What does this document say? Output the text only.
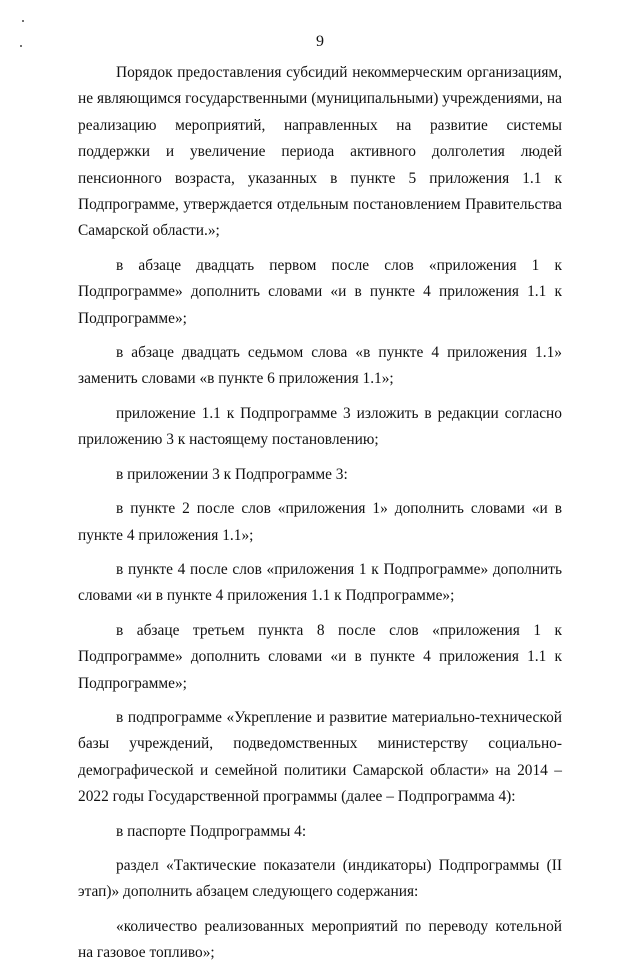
9

Порядок предоставления субсидий некоммерческим организациям, не являющимся государственными (муниципальными) учреждениями, на реализацию мероприятий, направленных на развитие системы поддержки и увеличение периода активного долголетия людей пенсионного возраста, указанных в пункте 5 приложения 1.1 к Подпрограмме, утверждается отдельным постановлением Правительства Самарской области.»;

в абзаце двадцать первом после слов «приложения 1 к Подпрограмме» дополнить словами «и в пункте 4 приложения 1.1 к Подпрограмме»;

в абзаце двадцать седьмом слова «в пункте 4 приложения 1.1» заменить словами «в пункте 6 приложения 1.1»;

приложение 1.1 к Подпрограмме 3 изложить в редакции согласно приложению 3 к настоящему постановлению;

в приложении 3 к Подпрограмме 3:

в пункте 2 после слов «приложения 1» дополнить словами «и в пункте 4 приложения 1.1»;

в пункте 4 после слов «приложения 1 к Подпрограмме» дополнить словами «и в пункте 4 приложения 1.1 к Подпрограмме»;

в абзаце третьем пункта 8 после слов «приложения 1 к Подпрограмме» дополнить словами «и в пункте 4 приложения 1.1 к Подпрограмме»;

в подпрограмме «Укрепление и развитие материально-технической базы учреждений, подведомственных министерству социально-демографической и семейной политики Самарской области» на 2014 – 2022 годы Государственной программы (далее – Подпрограмма 4):

в паспорте Подпрограммы 4:

раздел «Тактические показатели (индикаторы) Подпрограммы (II этап)» дополнить абзацем следующего содержания:

«количество реализованных мероприятий по переводу котельной на газовое топливо»;
